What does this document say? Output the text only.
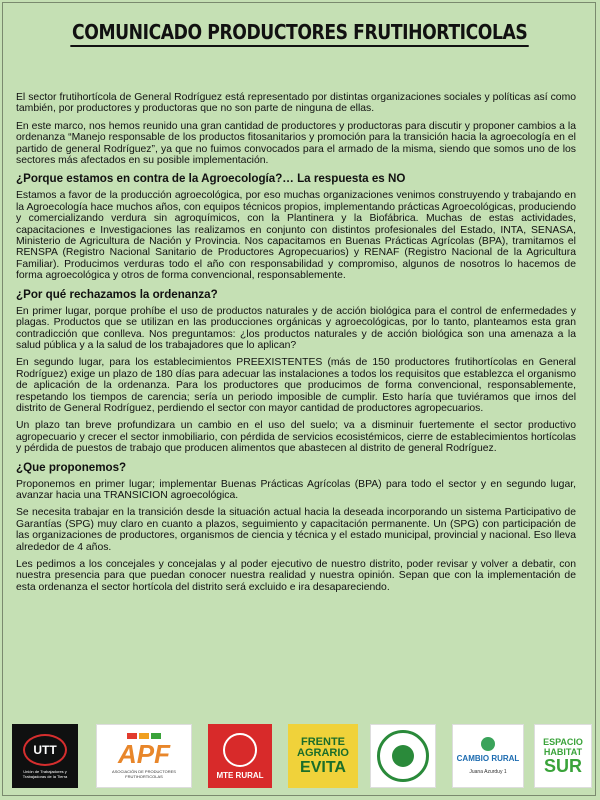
COMUNICADO PRODUCTORES FRUTIHORTICOLAS

El sector frutihortícola de General Rodríguez está representado por distintas organizaciones sociales y políticas así como también, por productores y productoras que no son parte de ninguna de ellas.

En este marco, nos hemos reunido una gran cantidad de productores y productoras para discutir y proponer cambios a la ordenanza “Manejo responsable de los productos fitosanitarios y promoción para la transición hacia la agroecología en el partido de general Rodríguez”, ya que no fuimos convocados para el armado de la misma, siendo que somos uno de los sectores más afectados en su posible implementación.

¿Porque estamos en contra de la Agroecología?… La respuesta es NO

Estamos a favor de la producción agroecológica, por eso muchas organizaciones venimos construyendo y trabajando en la Agroecología hace muchos años, con equipos técnicos propios, implementando prácticas Agroecológicas, produciendo y comercializando verdura sin agroquímicos, con la Plantinera y la Biofábrica. Muchas de estas actividades, capacitaciones e Investigaciones las realizamos en conjunto con distintos profesionales del Estado, INTA, SENASA, Ministerio de Agricultura de Nación y Provincia. Nos capacitamos en Buenas Prácticas Agrícolas (BPA), tramitamos el RENSPA (Registro Nacional Sanitario de Productores Agropecuarios) y RENAF (Registro Nacional de la Agricultura Familiar). Producimos verduras todo el año con responsabilidad y compromiso, algunos de nosotros lo hacemos de forma agroecológica y otros de forma convencional, responsablemente.

¿Por qué rechazamos la ordenanza?

En primer lugar, porque prohíbe el uso de productos naturales y de acción biológica para el control de enfermedades y plagas. Productos que se utilizan en las producciones orgánicas y agroecológicas, por lo tanto, planteamos esta gran contradicción que conlleva. Nos preguntamos: ¿los productos naturales y de acción biológica son una amenaza a la salud pública y a la salud de los trabajadores que lo aplican?

En segundo lugar, para los establecimientos PREEXISTENTES (más de 150 productores frutihortícolas en General Rodríguez) exige un plazo de 180 días para adecuar las instalaciones a todos los requisitos que establezca el organismo de aplicación de la ordenanza. Para los productores que producimos de forma convencional, responsablemente, respetando los tiempos de carencia; sería un periodo imposible de cumplir. Esto haría que tuviéramos que irnos del distrito de General Rodríguez, perdiendo el sector con mayor cantidad de productores agropecuarios.

Un plazo tan breve profundizara un cambio en el uso del suelo; va a disminuir fuertemente el sector productivo agropecuario y crecer el sector inmobiliario, con pérdida de servicios ecosistémicos, cierre de establecimientos hortícolas y pérdida de puestos de trabajo que producen alimentos que abastecen al distrito de general Rodríguez.

¿Que proponemos?

Proponemos en primer lugar; implementar Buenas Prácticas Agrícolas (BPA) para todo el sector y en segundo lugar, avanzar hacia una TRANSICION agroecológica.

Se necesita trabajar en la transición desde la situación actual hacia la deseada incorporando un sistema Participativo de Garantías (SPG) muy claro en cuanto a plazos, seguimiento y capacitación permanente. Un (SPG) con participación de las organizaciones de productores, organismos de ciencia y técnica y el estado municipal, provincial y nacional. Eso lleva alrededor de 4 años.

Les pedimos a los concejales y concejalas y al poder ejecutivo de nuestro distrito, poder revisar y volver a debatir, con nuestra presencia para que puedan conocer nuestra realidad y nuestra opinión. Sepan que con la implementación de esta ordenanza el sector hortícola del distrito será excluido e ira desapareciendo.

UTT
Unión de Trabajadores y Trabajadoras de la Tierra
APF
ASOCIACIÓN DE PRODUCTORES FRUTIHORTICOLAS	MTE RURAL
FRENTE AGRARIO
EVITA	CAMBIO RURAL
Juana Azurduy 1
ESPACIO HABITAT
SUR
